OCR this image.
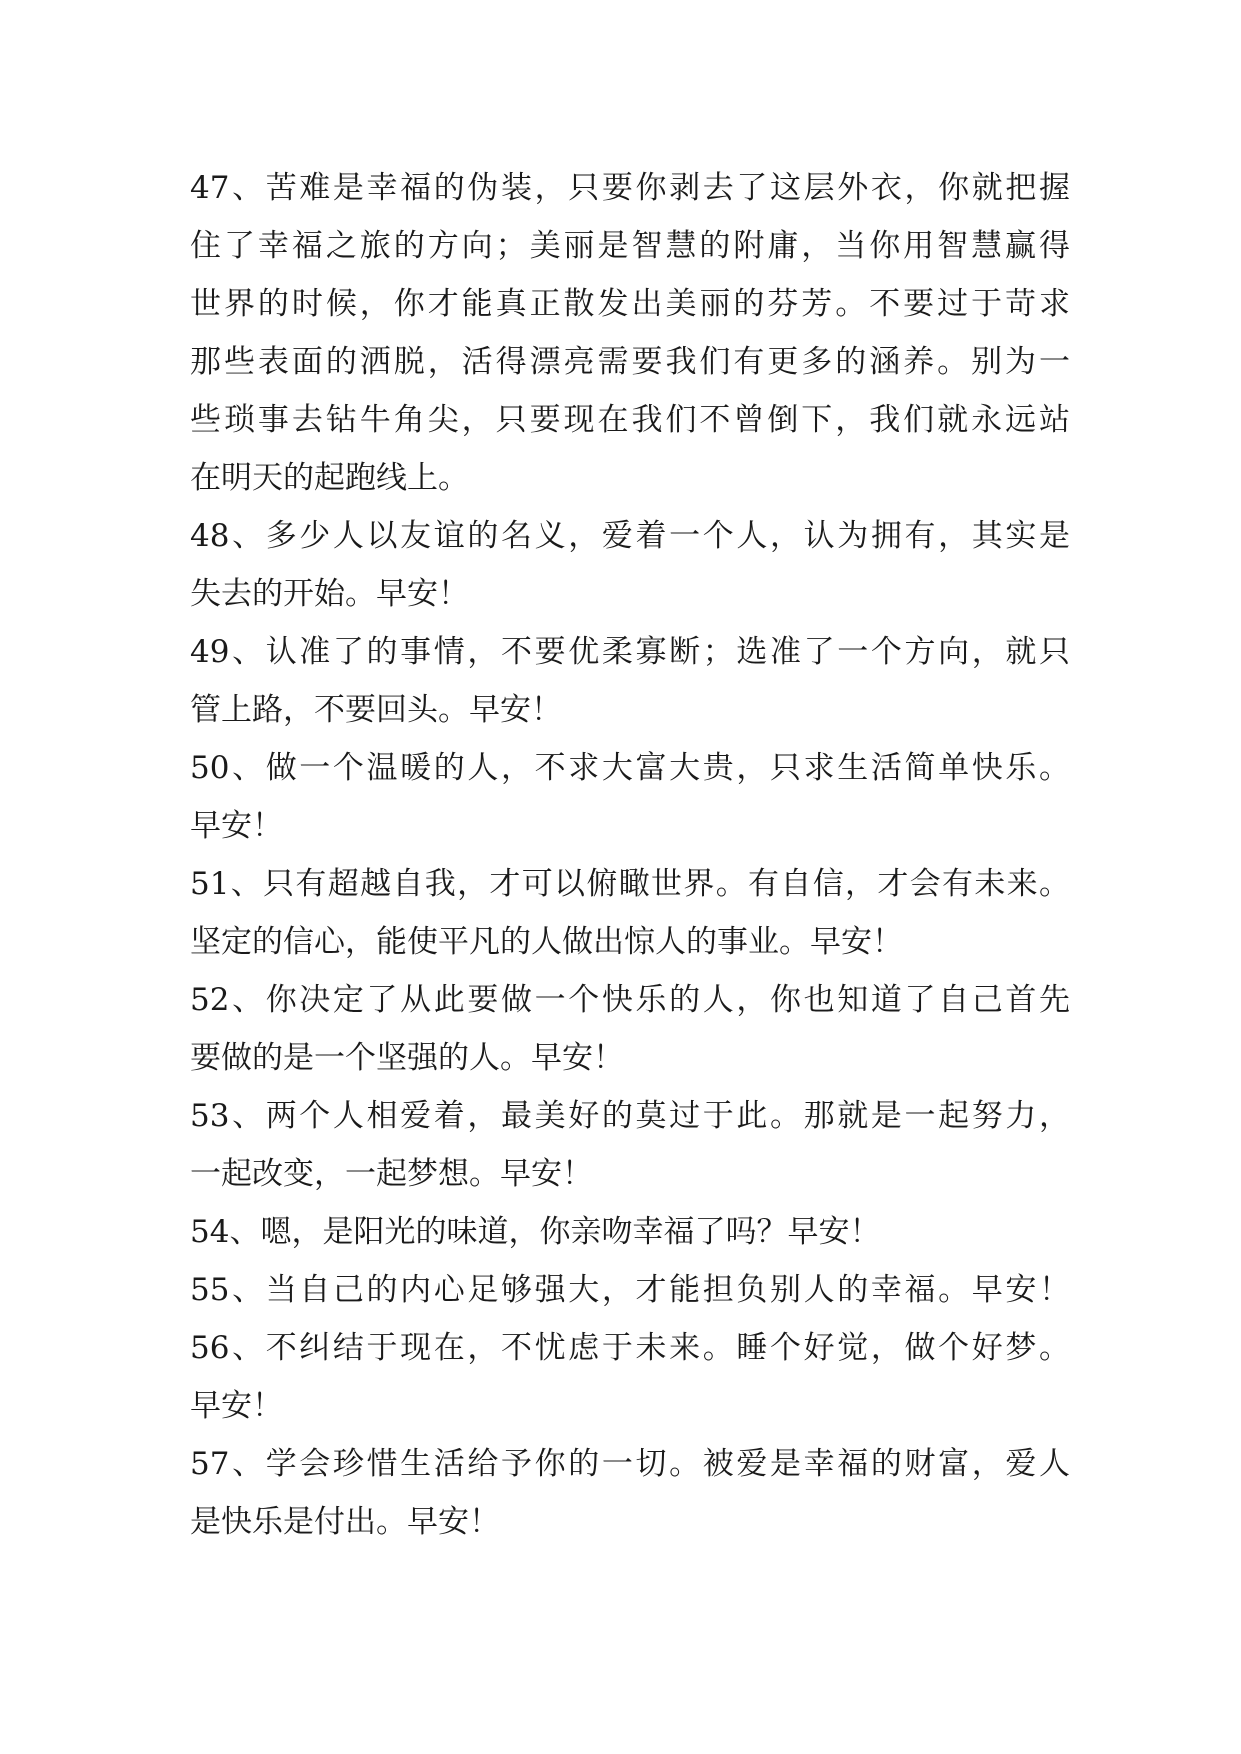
47、苦难是幸福的伪装，只要你剥去了这层外衣，你就把握
住了幸福之旅的方向；美丽是智慧的附庸，当你用智慧赢得
世界的时候，你才能真正散发出美丽的芬芳。不要过于苛求
那些表面的洒脱，活得漂亮需要我们有更多的涵养。别为一
些琐事去钻牛角尖，只要现在我们不曾倒下，我们就永远站
在明天的起跑线上。
48、多少人以友谊的名义，爱着一个人，认为拥有，其实是
失去的开始。早安！
49、认准了的事情，不要优柔寡断；选准了一个方向，就只
管上路，不要回头。早安！
50、做一个温暖的人，不求大富大贵，只求生活简单快乐。
早安！
51、只有超越自我，才可以俯瞰世界。有自信，才会有未来。
坚定的信心，能使平凡的人做出惊人的事业。早安！
52、你决定了从此要做一个快乐的人，你也知道了自己首先
要做的是一个坚强的人。早安！
53、两个人相爱着，最美好的莫过于此。那就是一起努力，
一起改变，一起梦想。早安！
54、嗯，是阳光的味道，你亲吻幸福了吗？早安！
55、当自己的内心足够强大，才能担负别人的幸福。早安！
56、不纠结于现在，不忧虑于未来。睡个好觉，做个好梦。
早安！
57、学会珍惜生活给予你的一切。被爱是幸福的财富，爱人
是快乐是付出。早安！
